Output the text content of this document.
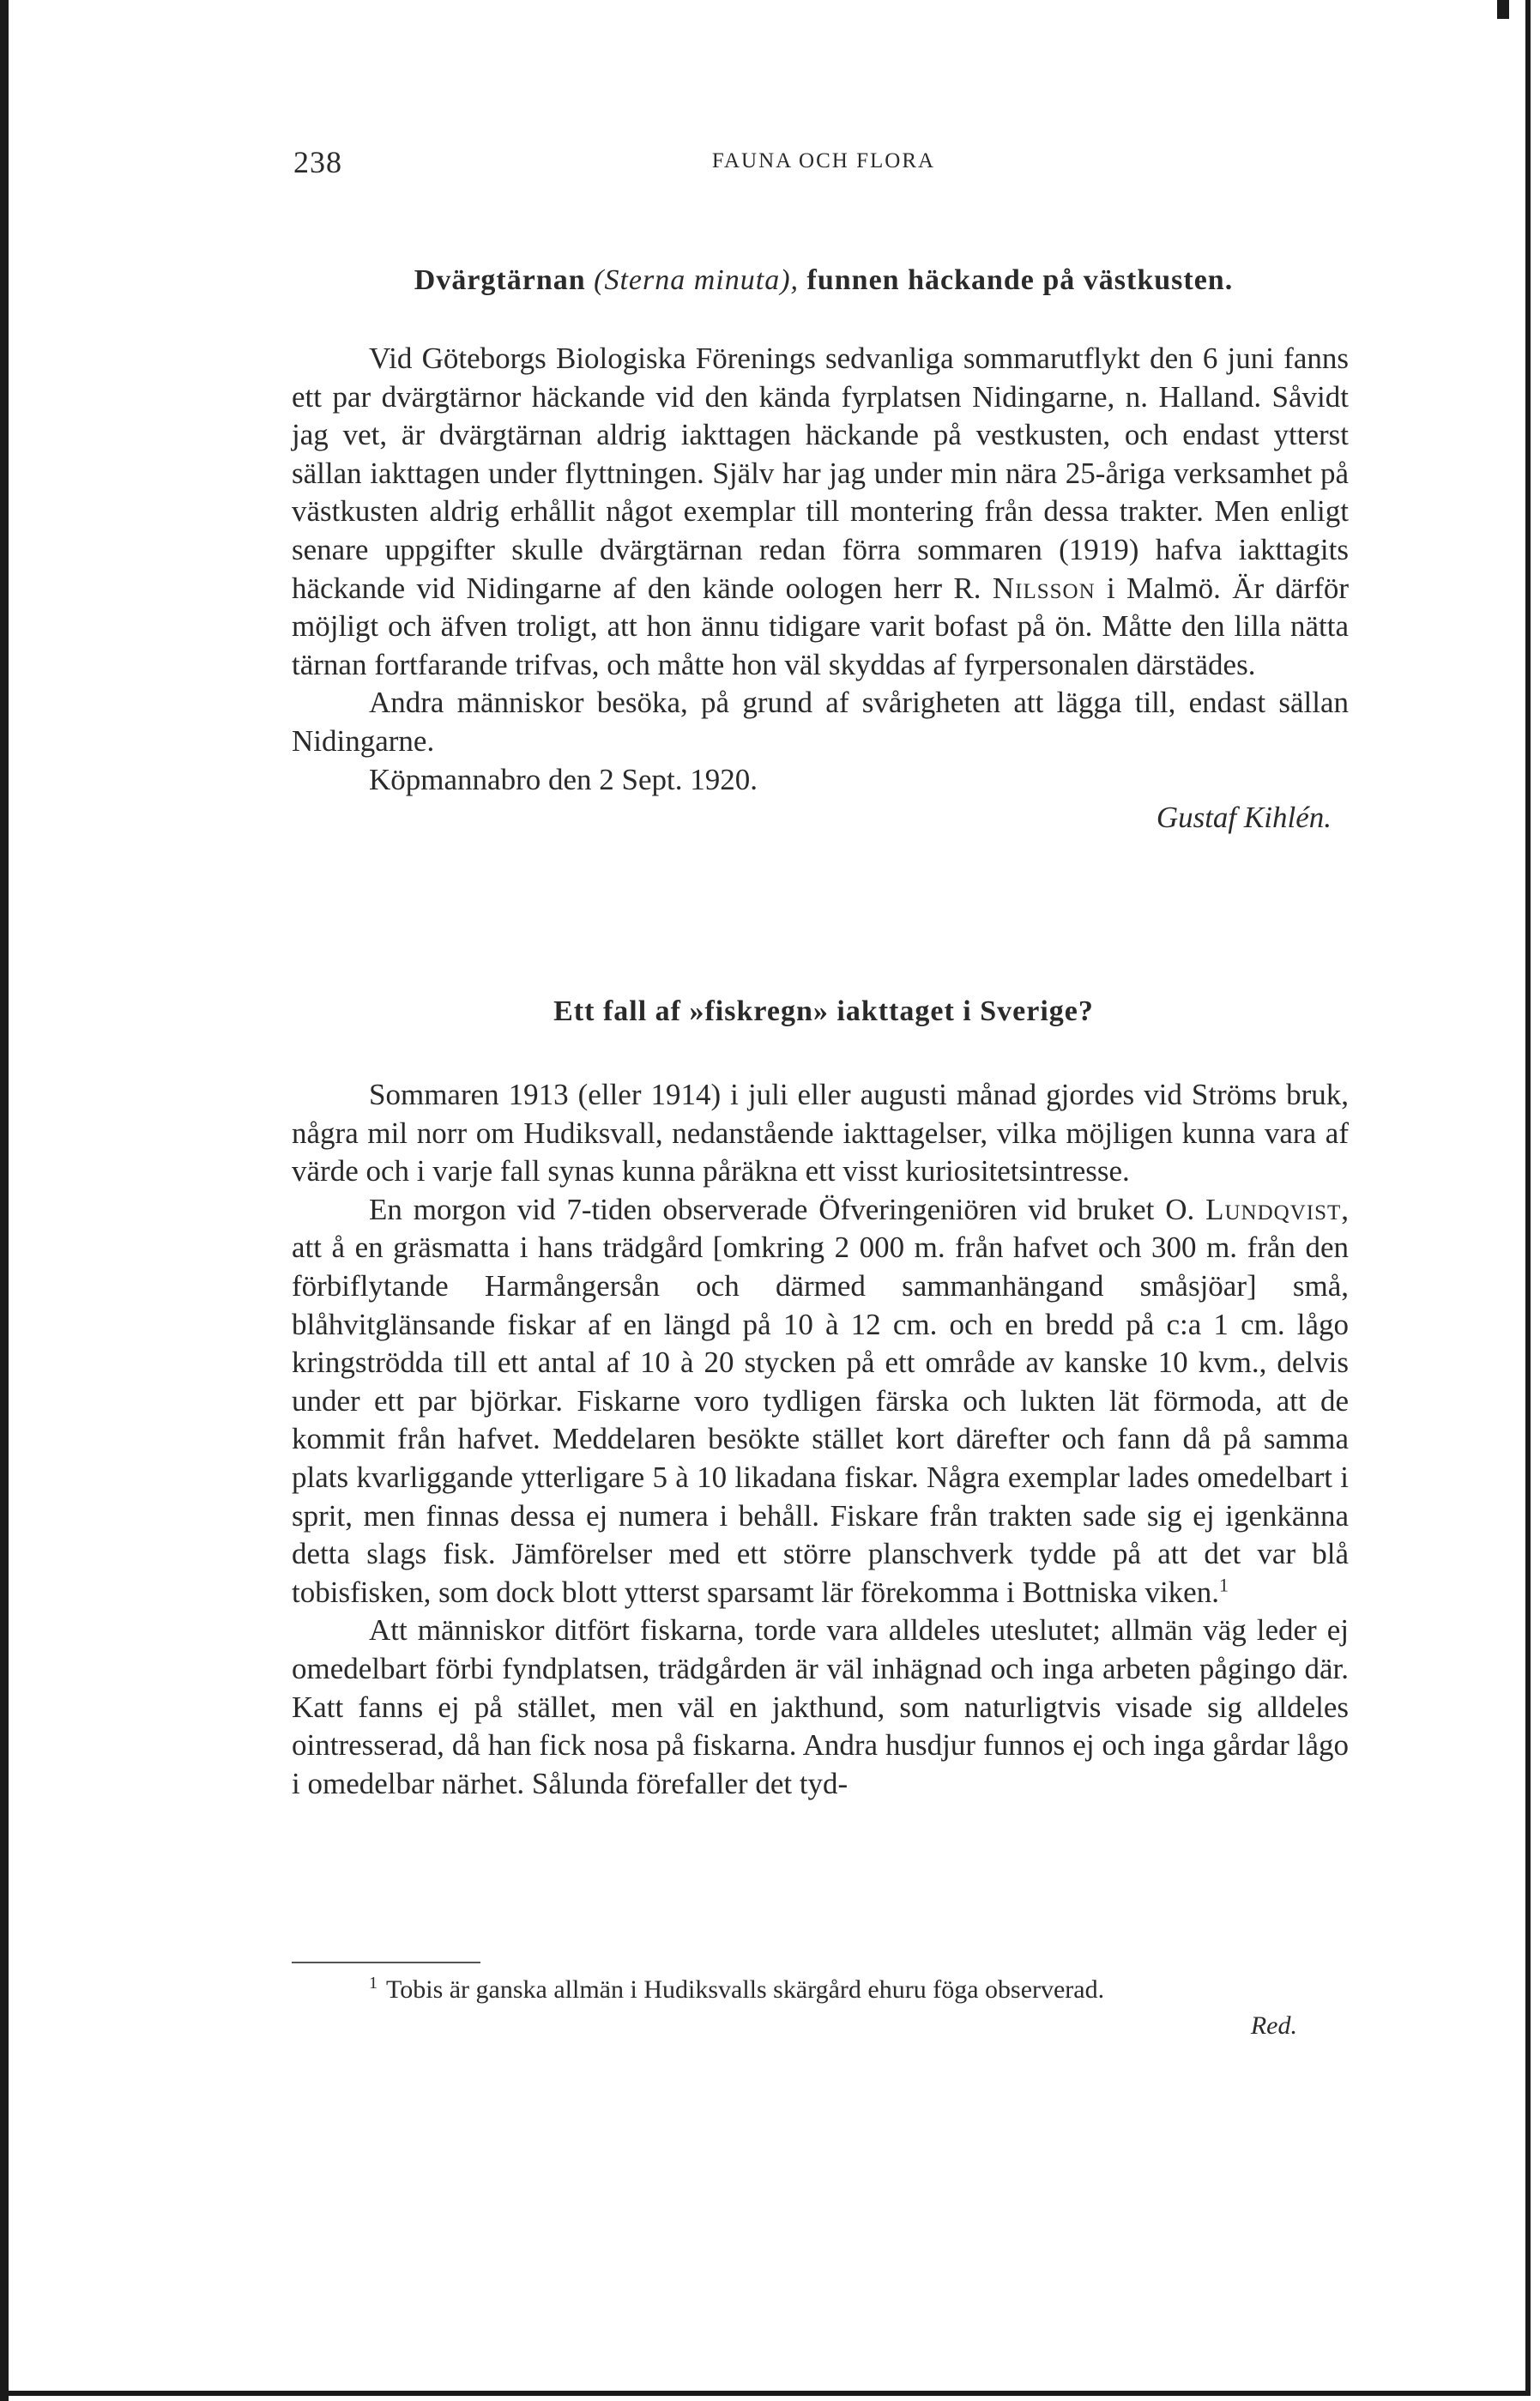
238	FAUNA OCH FLORA
Dvärgtärnan (Sterna minuta), funnen häckande på västkusten.

Vid Göteborgs Biologiska Förenings sedvanliga sommarutflykt den 6 juni fanns ett par dvärgtärnor häckande vid den kända fyrplatsen Nidingarne, n. Halland. Såvidt jag vet, är dvärgtärnan aldrig iakttagen häckande på vestkusten, och endast ytterst sällan iakttagen under flyttningen. Själv har jag under min nära 25-åriga verksamhet på västkusten aldrig erhållit något exemplar till montering från dessa trakter. Men enligt senare uppgifter skulle dvärgtärnan redan förra sommaren (1919) hafva iakttagits häckande vid Nidingarne af den kände oologen herr R. Nilsson i Malmö. Är därför möjligt och äfven troligt, att hon ännu tidigare varit bofast på ön. Måtte den lilla nätta tärnan fortfarande trifvas, och måtte hon väl skyddas af fyrpersonalen därstädes.

Andra människor besöka, på grund af svårigheten att lägga till, endast sällan Nidingarne.

Köpmannabro den 2 Sept. 1920.
Gustaf Kihlén.
Ett fall af »fiskregn» iakttaget i Sverige?

Sommaren 1913 (eller 1914) i juli eller augusti månad gjordes vid Ströms bruk, några mil norr om Hudiksvall, nedanstående iakttagelser, vilka möjligen kunna vara af värde och i varje fall synas kunna påräkna ett visst kuriositetsintresse.

En morgon vid 7-tiden observerade Öfveringeniören vid bruket O. Lundqvist, att å en gräsmatta i hans trädgård [omkring 2 000 m. från hafvet och 300 m. från den förbiflytande Harmångersån och därmed sammanhängand småsjöar] små, blåhvitglänsande fiskar af en längd på 10 à 12 cm. och en bredd på c:a 1 cm. lågo kringströdda till ett antal af 10 à 20 stycken på ett område av kanske 10 kvm., delvis under ett par björkar. Fiskarne voro tydligen färska och lukten lät förmoda, att de kommit från hafvet. Meddelaren besökte stället kort därefter och fann då på samma plats kvarliggande ytterligare 5 à 10 likadana fiskar. Några exemplar lades omedelbart i sprit, men finnas dessa ej numera i behåll. Fiskare från trakten sade sig ej igenkänna detta slags fisk. Jämförelser med ett större planschverk tydde på att det var blå tobisfisken, som dock blott ytterst sparsamt lär förekomma i Bottniska viken.$^1$

Att människor ditfört fiskarna, torde vara alldeles uteslutet; allmän väg leder ej omedelbart förbi fyndplatsen, trädgården är väl inhägnad och inga arbeten pågingo där. Katt fanns ej på stället, men väl en jakthund, som naturligtvis visade sig alldeles ointresserad, då han fick nosa på fiskarna. Andra husdjur funnos ej och inga gårdar lågo i omedelbar närhet. Sålunda förefaller det tyd-

$^1$ Tobis är ganska allmän i Hudiksvalls skärgård ehuru föga observerad.
Red.
